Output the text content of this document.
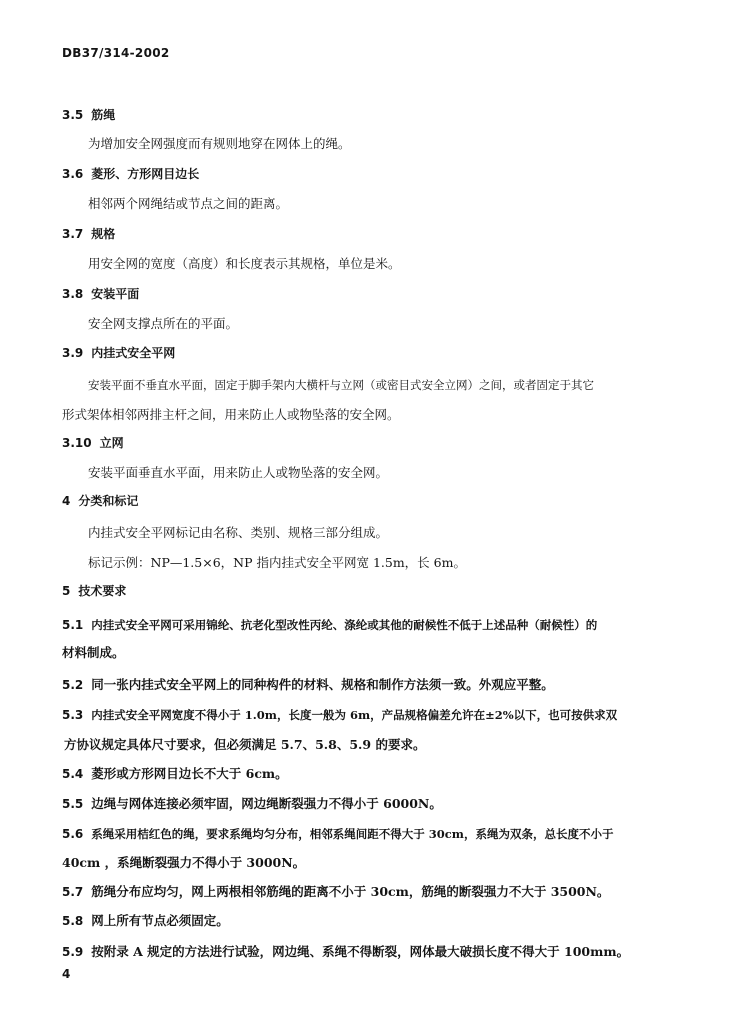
DB37/314-2002
3.5 筋绳
为增加安全网强度而有规则地穿在网体上的绳。
3.6 菱形、方形网目边长
相邻两个网绳结或节点之间的距离。
3.7 规格
用安全网的宽度（高度）和长度表示其规格，单位是米。
3.8 安装平面
安全网支撑点所在的平面。
3.9 内挂式安全平网
安装平面不垂直水平面，固定于脚手架内大横杆与立网（或密目式安全立网）之间，或者固定于其它
形式架体相邻两排主杆之间，用来防止人或物坠落的安全网。
3.10 立网
安装平面垂直水平面，用来防止人或物坠落的安全网。
4 分类和标记
内挂式安全平网标记由名称、类别、规格三部分组成。
标记示例：NP—1.5×6，NP 指内挂式安全平网宽 1.5m，长 6m。
5 技术要求
5.1 内挂式安全平网可采用锦纶、抗老化型改性丙纶、涤纶或其他的耐候性不低于上述品种（耐候性）的
材料制成。
5.2 同一张内挂式安全平网上的同种构件的材料、规格和制作方法须一致。外观应平整。
5.3 内挂式安全平网宽度不得小于 1.0m，长度一般为 6m，产品规格偏差允许在±2%以下，也可按供求双
方协议规定具体尺寸要求，但必须满足 5.7、5.8、5.9 的要求。
5.4 菱形或方形网目边长不大于 6cm。
5.5 边绳与网体连接必须牢固，网边绳断裂强力不得小于 6000N。
5.6 系绳采用桔红色的绳，要求系绳均匀分布，相邻系绳间距不得大于 30cm，系绳为双条，总长度不小于
40cm ，系绳断裂强力不得小于 3000N。
5.7 筋绳分布应均匀，网上两根相邻筋绳的距离不小于 30cm，筋绳的断裂强力不大于 3500N。
5.8 网上所有节点必须固定。
5.9 按附录 A 规定的方法进行试验，网边绳、系绳不得断裂，网体最大破损长度不得大于 100mm。
4
